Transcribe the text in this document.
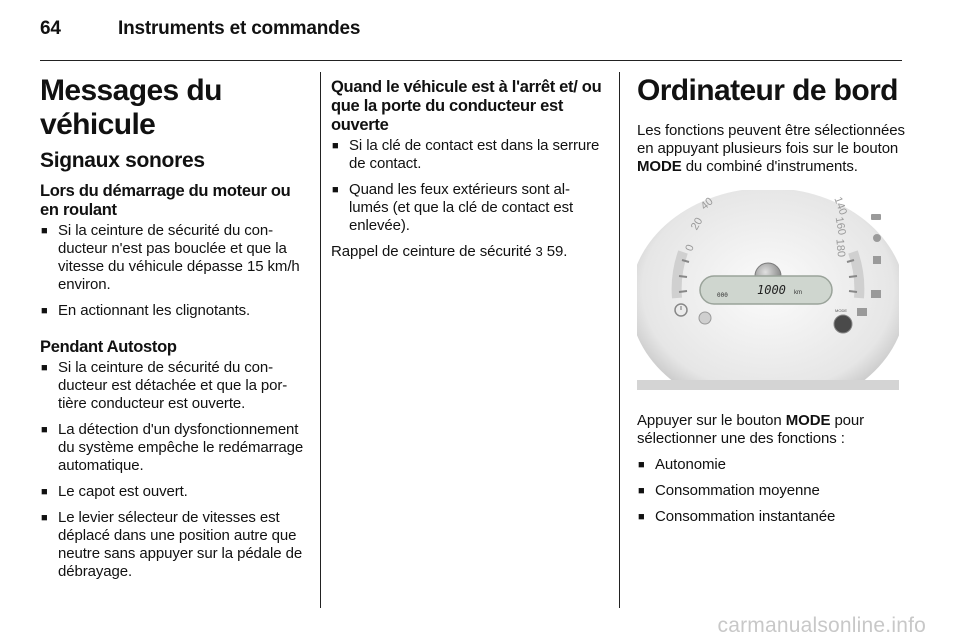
64	Instruments et commandes
Messages du véhicule
Signaux sonores
Lors du démarrage du moteur ou en roulant
■ Si la ceinture de sécurité du conducteur n'est pas bouclée et que la vitesse du véhicule dépasse 15 km/h environ.
■ En actionnant les clignotants.
Pendant Autostop
■ Si la ceinture de sécurité du conducteur est détachée et que la portière conducteur est ouverte.
■ La détection d'un dysfonctionnement du système empêche le redémarrage automatique.
■ Le capot est ouvert.
■ Le levier sélecteur de vitesses est déplacé dans une position autre que neutre sans appuyer sur la pédale de débrayage.
Quand le véhicule est à l'arrêt et/ ou que la porte du conducteur est ouverte
■ Si la clé de contact est dans la serrure de contact.
■ Quand les feux extérieurs sont allumés (et que la clé de contact est enlevée).

Rappel de ceinture de sécurité 3 59.

Ordinateur de bord

Les fonctions peuvent être sélectionnées en appuyant plusieurs fois sur le bouton MODE du combiné d'instruments.

0
20
40	140
160
180
000 1000 km
MODE

Appuyer sur le bouton MODE pour sélectionner une des fonctions :

■ Autonomie
■ Consommation moyenne
■ Consommation instantanée
carmanualsonline.info
